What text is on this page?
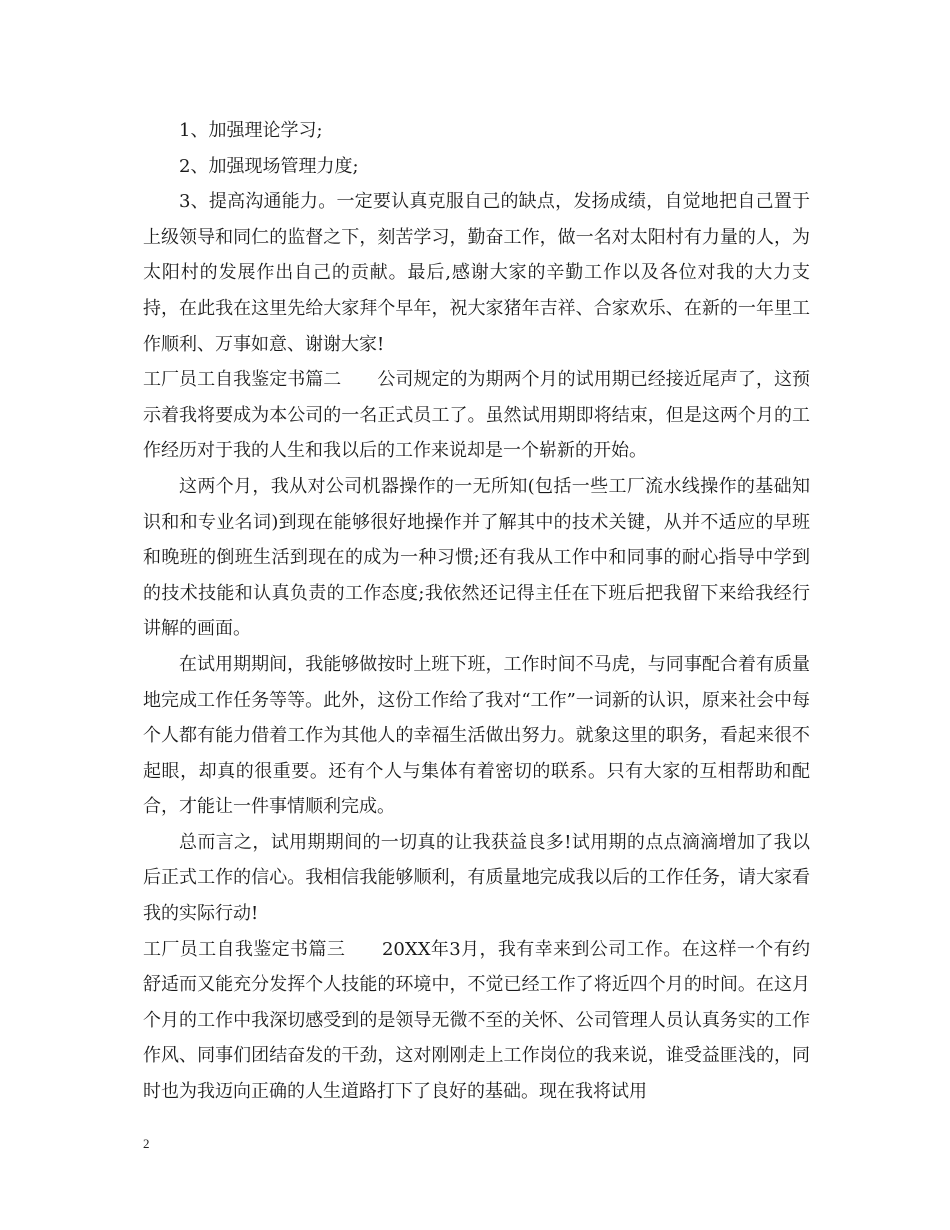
1、加强理论学习;

2、加强现场管理力度;

3、提高沟通能力。一定要认真克服自己的缺点，发扬成绩，自觉地把自己置于上级领导和同仁的监督之下，刻苦学习，勤奋工作，做一名对太阳村有力量的人，为太阳村的发展作出自己的贡献。最后,感谢大家的辛勤工作以及各位对我的大力支持，在此我在这里先给大家拜个早年，祝大家猪年吉祥、合家欢乐、在新的一年里工作顺利、万事如意、谢谢大家!

工厂员工自我鉴定书篇二　　公司规定的为期两个月的试用期已经接近尾声了，这预示着我将要成为本公司的一名正式员工了。虽然试用期即将结束，但是这两个月的工作经历对于我的人生和我以后的工作来说却是一个崭新的开始。

这两个月，我从对公司机器操作的一无所知(包括一些工厂流水线操作的基础知识和和专业名词)到现在能够很好地操作并了解其中的技术关键，从并不适应的早班和晚班的倒班生活到现在的成为一种习惯;还有我从工作中和同事的耐心指导中学到的技术技能和认真负责的工作态度;我依然还记得主任在下班后把我留下来给我经行讲解的画面。

在试用期期间，我能够做按时上班下班，工作时间不马虎，与同事配合着有质量地完成工作任务等等。此外，这份工作给了我对“工作”一词新的认识，原来社会中每个人都有能力借着工作为其他人的幸福生活做出努力。就象这里的职务，看起来很不起眼，却真的很重要。还有个人与集体有着密切的联系。只有大家的互相帮助和配合，才能让一件事情顺利完成。

总而言之，试用期期间的一切真的让我获益良多!试用期的点点滴滴增加了我以后正式工作的信心。我相信我能够顺利，有质量地完成我以后的工作任务，请大家看我的实际行动!

工厂员工自我鉴定书篇三　　20XX年3月，我有幸来到公司工作。在这样一个有约舒适而又能充分发挥个人技能的环境中，不觉已经工作了将近四个月的时间。在这月个月的工作中我深切感受到的是领导无微不至的关怀、公司管理人员认真务实的工作作风、同事们团结奋发的干劲，这对刚刚走上工作岗位的我来说，谁受益匪浅的，同时也为我迈向正确的人生道路打下了良好的基础。现在我将试用

2
